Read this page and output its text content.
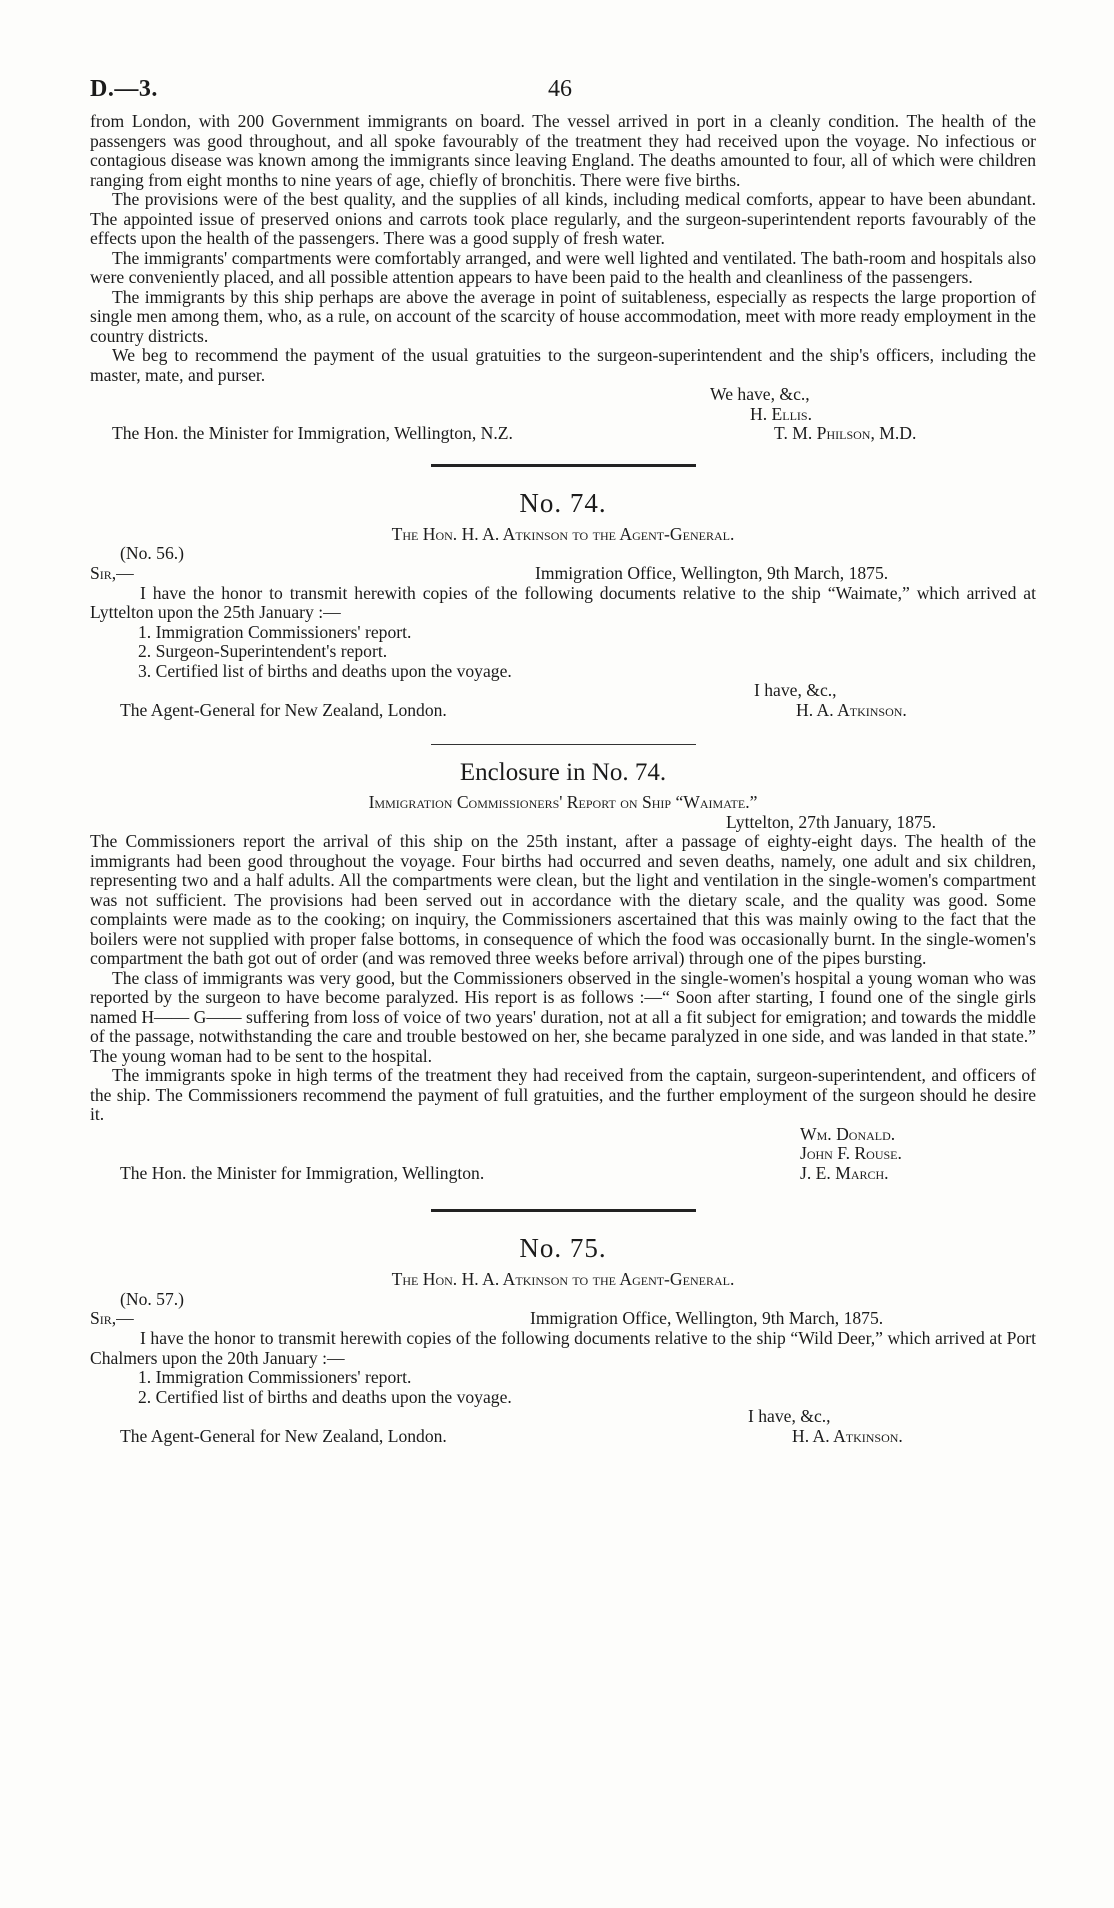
D.—3.	46

from London, with 200 Government immigrants on board. The vessel arrived in port in a cleanly condition. The health of the passengers was good throughout, and all spoke favourably of the treatment they had received upon the voyage. No infectious or contagious disease was known among the immigrants since leaving England. The deaths amounted to four, all of which were children ranging from eight months to nine years of age, chiefly of bronchitis. There were five births.

The provisions were of the best quality, and the supplies of all kinds, including medical comforts, appear to have been abundant. The appointed issue of preserved onions and carrots took place regularly, and the surgeon-superintendent reports favourably of the effects upon the health of the passengers. There was a good supply of fresh water.

The immigrants' compartments were comfortably arranged, and were well lighted and ventilated. The bath-room and hospitals also were conveniently placed, and all possible attention appears to have been paid to the health and cleanliness of the passengers.

The immigrants by this ship perhaps are above the average in point of suitableness, especially as respects the large proportion of single men among them, who, as a rule, on account of the scarcity of house accommodation, meet with more ready employment in the country districts.

We beg to recommend the payment of the usual gratuities to the surgeon-superintendent and the ship's officers, including the master, mate, and purser.

We have, &c.,
H. Ellis.
The Hon. the Minister for Immigration, Wellington, N.Z.	T. M. Philson, M.D.
No. 74.
The Hon. H. A. Atkinson to the Agent-General.
(No. 56.)
Sir,—	Immigration Office, Wellington, 9th March, 1875.

I have the honor to transmit herewith copies of the following documents relative to the ship “Waimate,” which arrived at Lyttelton upon the 25th January :—

1. Immigration Commissioners' report.
2. Surgeon-Superintendent's report.
3. Certified list of births and deaths upon the voyage.
I have, &c.,
The Agent-General for New Zealand, London.	H. A. Atkinson.
Enclosure in No. 74.
Immigration Commissioners' Report on Ship “Waimate.”
Lyttelton, 27th January, 1875.

The Commissioners report the arrival of this ship on the 25th instant, after a passage of eighty-eight days. The health of the immigrants had been good throughout the voyage. Four births had occurred and seven deaths, namely, one adult and six children, representing two and a half adults. All the compartments were clean, but the light and ventilation in the single-women's compartment was not sufficient. The provisions had been served out in accordance with the dietary scale, and the quality was good. Some complaints were made as to the cooking; on inquiry, the Commissioners ascertained that this was mainly owing to the fact that the boilers were not supplied with proper false bottoms, in consequence of which the food was occasionally burnt. In the single-women's compartment the bath got out of order (and was removed three weeks before arrival) through one of the pipes bursting.

The class of immigrants was very good, but the Commissioners observed in the single-women's hospital a young woman who was reported by the surgeon to have become paralyzed. His report is as follows :—“ Soon after starting, I found one of the single girls named H—— G—— suffering from loss of voice of two years' duration, not at all a fit subject for emigration; and towards the middle of the passage, notwithstanding the care and trouble bestowed on her, she became paralyzed in one side, and was landed in that state.” The young woman had to be sent to the hospital.

The immigrants spoke in high terms of the treatment they had received from the captain, surgeon-superintendent, and officers of the ship. The Commissioners recommend the payment of full gratuities, and the further employment of the surgeon should he desire it.

Wm. Donald.
John F. Rouse.
The Hon. the Minister for Immigration, Wellington.	J. E. March.
No. 75.
The Hon. H. A. Atkinson to the Agent-General.
(No. 57.)
Sir,—	Immigration Office, Wellington, 9th March, 1875.

I have the honor to transmit herewith copies of the following documents relative to the ship “Wild Deer,” which arrived at Port Chalmers upon the 20th January :—

1. Immigration Commissioners' report.
2. Certified list of births and deaths upon the voyage.
I have, &c.,
The Agent-General for New Zealand, London.	H. A. Atkinson.
